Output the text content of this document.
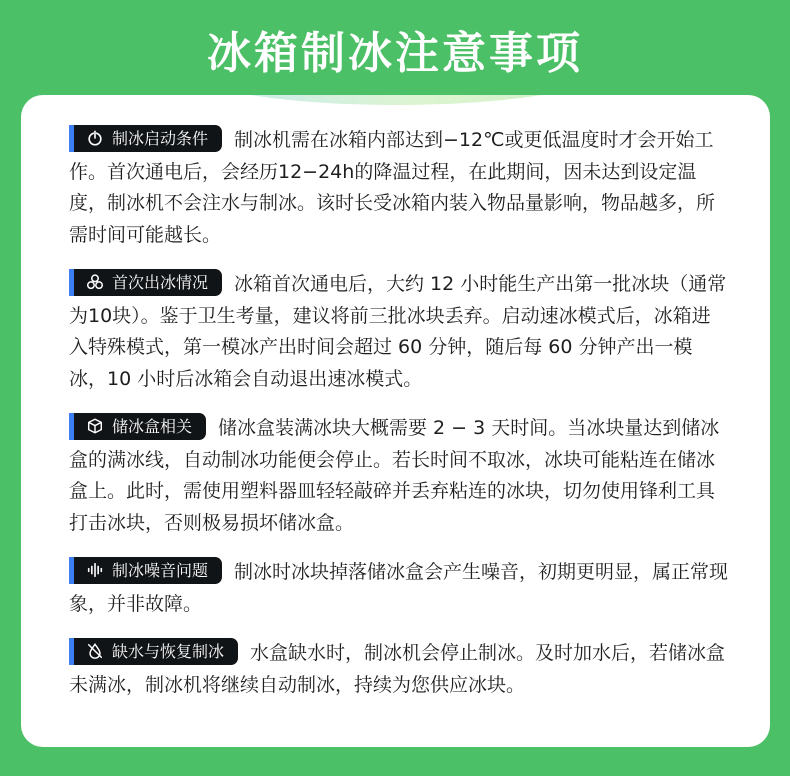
冰箱制冰注意事项
制冰启动条件 制冰机需在冰箱内部达到−12℃或更低温度时才会开始工作。首次通电后，会经历12−24h的降温过程，在此期间，因未达到设定温度，制冰机不会注水与制冰。该时长受冰箱内装入物品量影响，物品越多，所需时间可能越长。
首次出冰情况 冰箱首次通电后，大约 12 小时能生产出第一批冰块（通常为10块）。鉴于卫生考量，建议将前三批冰块丢弃。启动速冰模式后，冰箱进入特殊模式，第一模冰产出时间会超过 60 分钟，随后每 60 分钟产出一模冰，10 小时后冰箱会自动退出速冰模式。
储冰盒相关 储冰盒装满冰块大概需要 2 − 3 天时间。当冰块量达到储冰盒的满冰线，自动制冰功能便会停止。若长时间不取冰，冰块可能粘连在储冰盒上。此时，需使用塑料器皿轻轻敲碎并丢弃粘连的冰块，切勿使用锋利工具打击冰块，否则极易损坏储冰盒。
制冰噪音问题 制冰时冰块掉落储冰盒会产生噪音，初期更明显，属正常现象，并非故障。
缺水与恢复制冰 水盒缺水时，制冰机会停止制冰。及时加水后，若储冰盒未满冰，制冰机将继续自动制冰，持续为您供应冰块。
